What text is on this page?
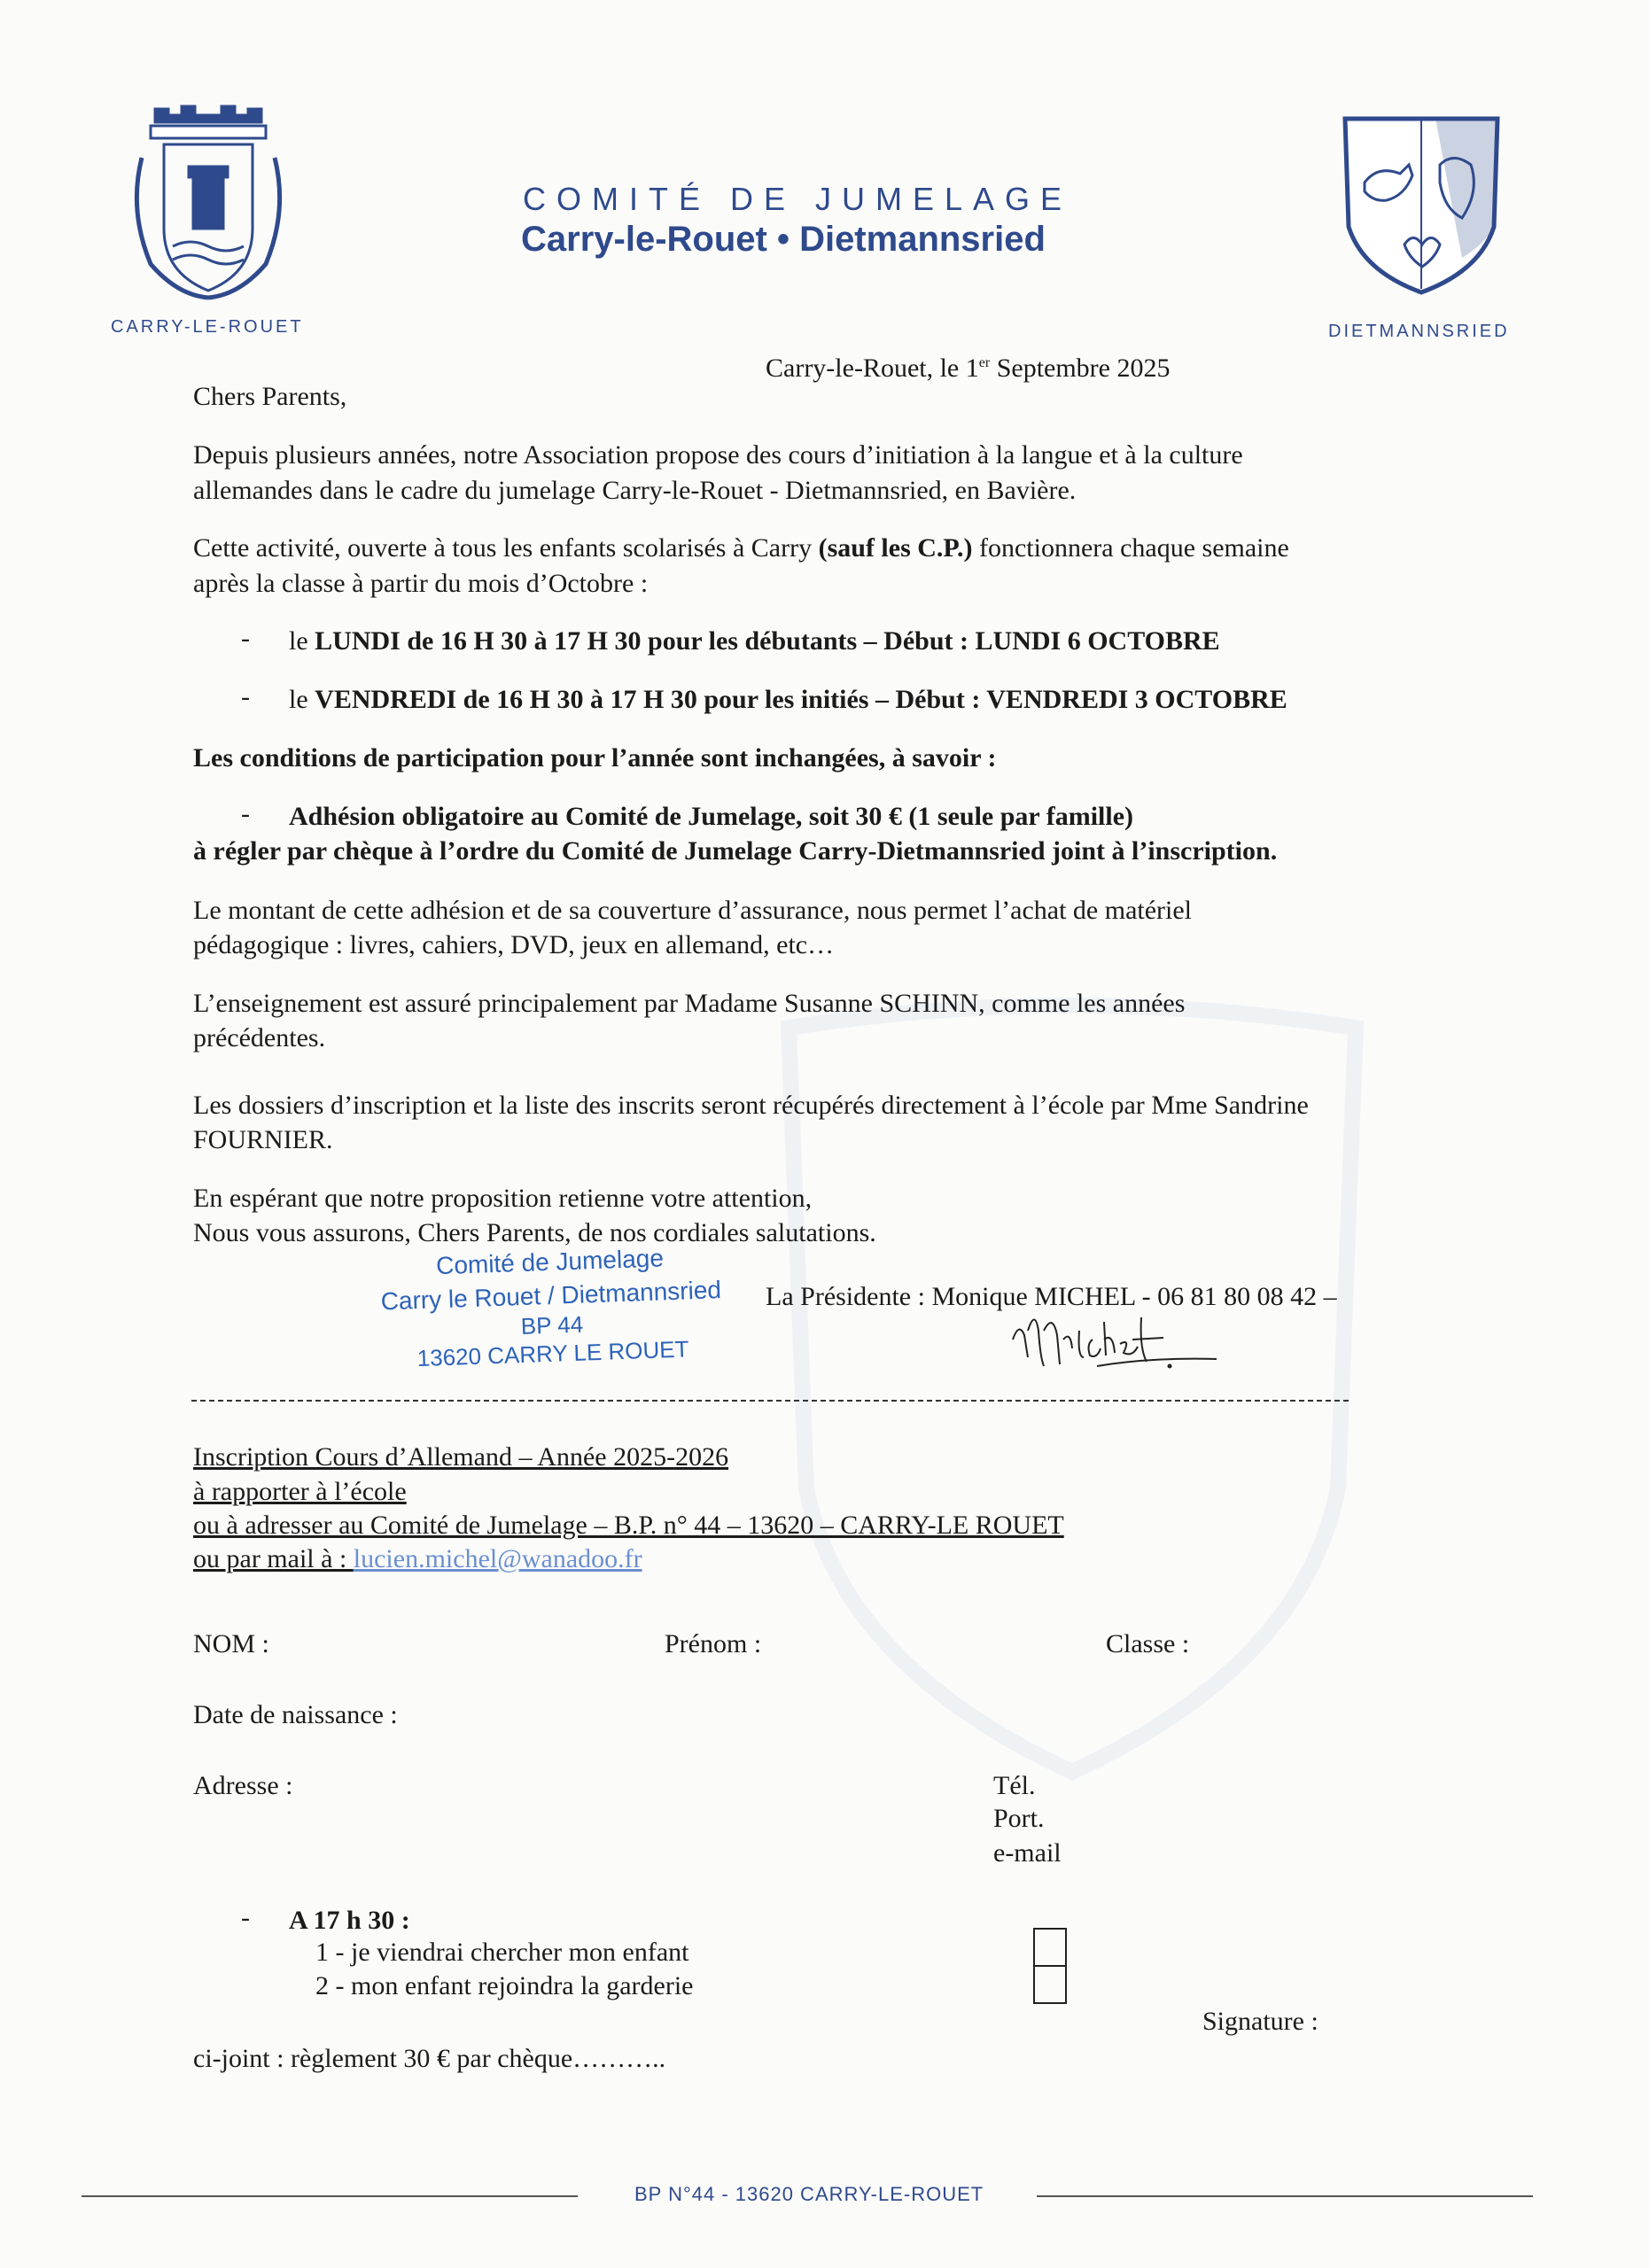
CARRY-LE-ROUET	DIETMANNSRIED
COMITÉ DE JUMELAGE
Carry-le-Rouet • Dietmannsried
Carry-le-Rouet, le 1er Septembre 2025
Chers Parents,
Depuis plusieurs années, notre Association propose des cours d’initiation à la langue et à la culture
allemandes dans le cadre du jumelage Carry-le-Rouet - Dietmannsried, en Bavière.
Cette activité, ouverte à tous les enfants scolarisés à Carry (sauf les C.P.) fonctionnera chaque semaine
après la classe à partir du mois d’Octobre :
- le LUNDI de 16 H 30 à 17 H 30 pour les débutants – Début : LUNDI 6 OCTOBRE
- le VENDREDI de 16 H 30 à 17 H 30 pour les initiés – Début : VENDREDI 3 OCTOBRE
Les conditions de participation pour l’année sont inchangées, à savoir :
- Adhésion obligatoire au Comité de Jumelage, soit 30 € (1 seule par famille)
à régler par chèque à l’ordre du Comité de Jumelage Carry-Dietmannsried joint à l’inscription.
Le montant de cette adhésion et de sa couverture d’assurance, nous permet l’achat de matériel
pédagogique : livres, cahiers, DVD, jeux en allemand, etc…
L’enseignement est assuré principalement par Madame Susanne SCHINN, comme les années
précédentes.
Les dossiers d’inscription et la liste des inscrits seront récupérés directement à l’école par Mme Sandrine
FOURNIER.
En espérant que notre proposition retienne votre attention,
Nous vous assurons, Chers Parents, de nos cordiales salutations.
Comité de Jumelage
Carry le Rouet / Dietmannsried
BP 44
13620 CARRY LE ROUET
La Présidente : Monique MICHEL - 06 81 80 08 42 –
Inscription Cours d’Allemand – Année 2025-2026
à rapporter à l’école
ou à adresser au Comité de Jumelage – B.P. n° 44 – 13620 – CARRY-LE ROUET
ou par mail à : lucien.michel@wanadoo.fr
NOM :	Prénom :	Classe :
Date de naissance :
Adresse :	Tél.
Port.
e-mail
- A 17 h 30 :
1 - je viendrai chercher mon enfant
2 - mon enfant rejoindra la garderie
Signature :
ci-joint : règlement 30 € par chèque………..
BP N°44 - 13620 CARRY-LE-ROUET
